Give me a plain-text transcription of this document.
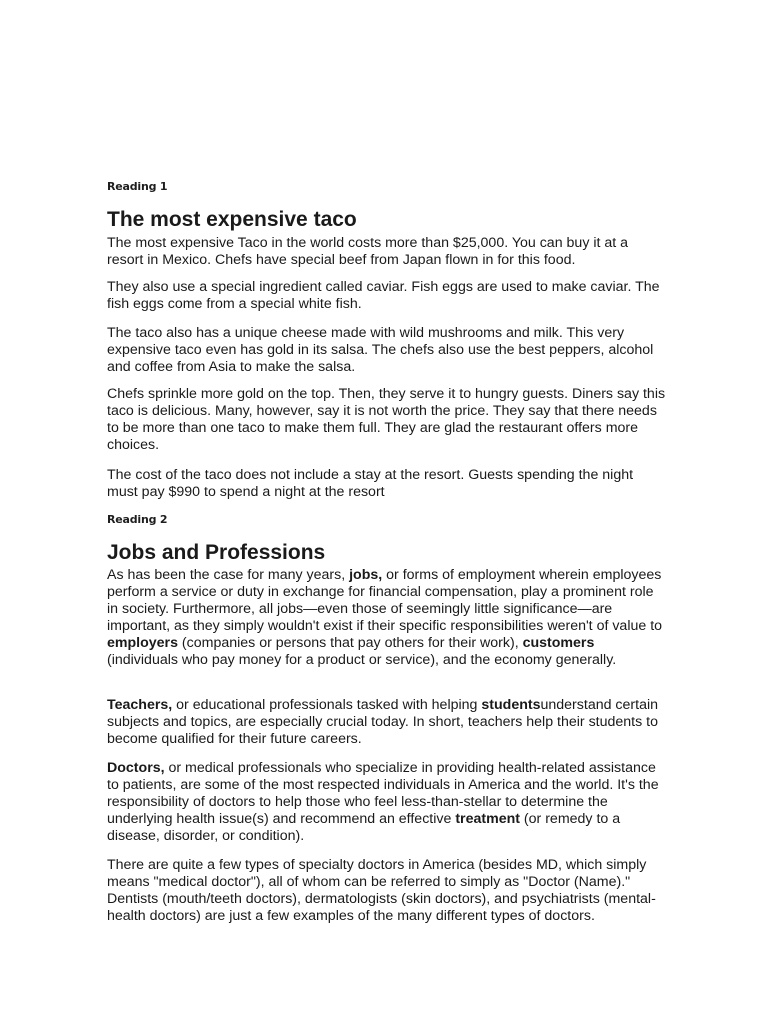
Reading 1
The most expensive taco

The most expensive Taco in the world costs more than $25,000. You can buy it at a resort in Mexico. Chefs have special beef from Japan flown in for this food.

They also use a special ingredient called caviar. Fish eggs are used to make caviar. The fish eggs come from a special white fish.

The taco also has a unique cheese made with wild mushrooms and milk. This very expensive taco even has gold in its salsa. The chefs also use the best peppers, alcohol and coffee from Asia to make the salsa.

Chefs sprinkle more gold on the top. Then, they serve it to hungry guests. Diners say this taco is delicious. Many, however, say it is not worth the price. They say that there needs to be more than one taco to make them full. They are glad the restaurant offers more choices.

The cost of the taco does not include a stay at the resort. Guests spending the night must pay $990 to spend a night at the resort

Reading 2
Jobs and Professions

As has been the case for many years, jobs, or forms of employment wherein employees perform a service or duty in exchange for financial compensation, play a prominent role in society. Furthermore, all jobs—even those of seemingly little significance—are important, as they simply wouldn't exist if their specific responsibilities weren't of value to employers (companies or persons that pay others for their work), customers (individuals who pay money for a product or service), and the economy generally.

Teachers, or educational professionals tasked with helping studentsunderstand certain subjects and topics, are especially crucial today. In short, teachers help their students to become qualified for their future careers.

Doctors, or medical professionals who specialize in providing health-related assistance to patients, are some of the most respected individuals in America and the world. It's the responsibility of doctors to help those who feel less-than-stellar to determine the underlying health issue(s) and recommend an effective treatment (or remedy to a disease, disorder, or condition).

There are quite a few types of specialty doctors in America (besides MD, which simply means "medical doctor"), all of whom can be referred to simply as "Doctor (Name)." Dentists (mouth/teeth doctors), dermatologists (skin doctors), and psychiatrists (mental-health doctors) are just a few examples of the many different types of doctors.
